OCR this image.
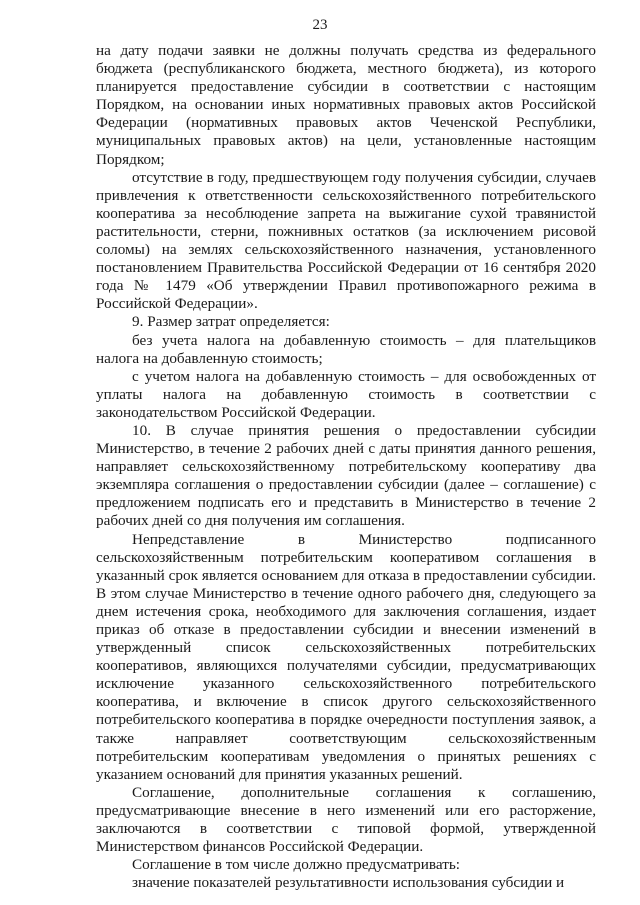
23

на дату подачи заявки не должны получать средства из федерального бюджета (республиканского бюджета, местного бюджета), из которого планируется предоставление субсидии в соответствии с настоящим Порядком, на основании иных нормативных правовых актов Российской Федерации (нормативных правовых актов Чеченской Республики, муниципальных правовых актов) на цели, установленные настоящим Порядком;

отсутствие в году, предшествующем году получения субсидии, случаев привлечения к ответственности сельскохозяйственного потребительского кооператива за несоблюдение запрета на выжигание сухой травянистой растительности, стерни, пожнивных остатков (за исключением рисовой соломы) на землях сельскохозяйственного назначения, установленного постановлением Правительства Российской Федерации от 16 сентября 2020 года № 1479 «Об утверждении Правил противопожарного режима в Российской Федерации».

9. Размер затрат определяется:

без учета налога на добавленную стоимость – для плательщиков налога на добавленную стоимость;

с учетом налога на добавленную стоимость – для освобожденных от уплаты налога на добавленную стоимость в соответствии с законодательством Российской Федерации.

10. В случае принятия решения о предоставлении субсидии Министерство, в течение 2 рабочих дней с даты принятия данного решения, направляет сельскохозяйственному потребительскому кооперативу два экземпляра соглашения о предоставлении субсидии (далее – соглашение) с предложением подписать его и представить в Министерство в течение 2 рабочих дней со дня получения им соглашения.

Непредставление в Министерство подписанного сельскохозяйственным потребительским кооперативом соглашения в указанный срок является основанием для отказа в предоставлении субсидии. В этом случае Министерство в течение одного рабочего дня, следующего за днем истечения срока, необходимого для заключения соглашения, издает приказ об отказе в предоставлении субсидии и внесении изменений в утвержденный список сельскохозяйственных потребительских кооперативов, являющихся получателями субсидии, предусматривающих исключение указанного сельскохозяйственного потребительского кооператива, и включение в список другого сельскохозяйственного потребительского кооператива в порядке очередности поступления заявок, а также направляет соответствующим сельскохозяйственным потребительским кооперативам уведомления о принятых решениях с указанием оснований для принятия указанных решений.

Соглашение, дополнительные соглашения к соглашению, предусматривающие внесение в него изменений или его расторжение, заключаются в соответствии с типовой формой, утвержденной Министерством финансов Российской Федерации.

Соглашение в том числе должно предусматривать:

значение показателей результативности использования субсидии и
